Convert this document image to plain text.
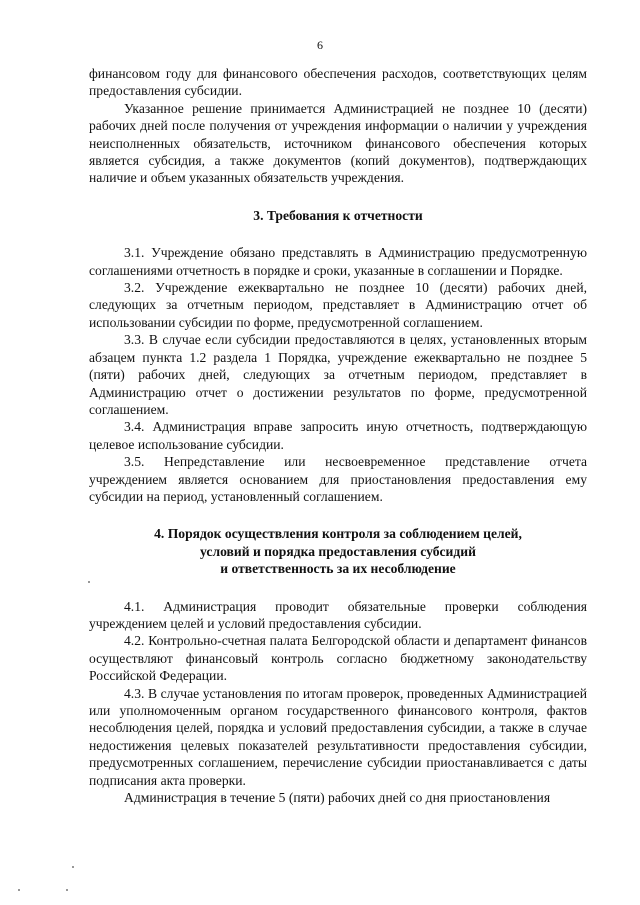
6

финансовом году для финансового обеспечения расходов, соответствующих целям предоставления субсидии.

Указанное решение принимается Администрацией не позднее 10 (десяти) рабочих дней после получения от учреждения информации о наличии у учреждения неисполненных обязательств, источником финансового обеспечения которых является субсидия, а также документов (копий документов), подтверждающих наличие и объем указанных обязательств учреждения.

3. Требования к отчетности

3.1. Учреждение обязано представлять в Администрацию предусмотренную соглашениями отчетность в порядке и сроки, указанные в соглашении и Порядке.

3.2. Учреждение ежеквартально не позднее 10 (десяти) рабочих дней, следующих за отчетным периодом, представляет в Администрацию отчет об использовании субсидии по форме, предусмотренной соглашением.

3.3. В случае если субсидии предоставляются в целях, установленных вторым абзацем пункта 1.2 раздела 1 Порядка, учреждение ежеквартально не позднее 5 (пяти) рабочих дней, следующих за отчетным периодом, представляет в Администрацию отчет о достижении результатов по форме, предусмотренной соглашением.

3.4. Администрация вправе запросить иную отчетность, подтверждающую целевое использование субсидии.

3.5. Непредставление или несвоевременное представление отчета учреждением является основанием для приостановления предоставления ему субсидии на период, установленный соглашением.

4. Порядок осуществления контроля за соблюдением целей,
условий и порядка предоставления субсидий
и ответственность за их несоблюдение

4.1. Администрация проводит обязательные проверки соблюдения учреждением целей и условий предоставления субсидии.

4.2. Контрольно-счетная палата Белгородской области и департамент финансов осуществляют финансовый контроль согласно бюджетному законодательству Российской Федерации.

4.3. В случае установления по итогам проверок, проведенных Администрацией или уполномоченным органом государственного финансового контроля, фактов несоблюдения целей, порядка и условий предоставления субсидии, а также в случае недостижения целевых показателей результативности предоставления субсидии, предусмотренных соглашением, перечисление субсидии приостанавливается с даты подписания акта проверки.

Администрация в течение 5 (пяти) рабочих дней со дня приостановления
